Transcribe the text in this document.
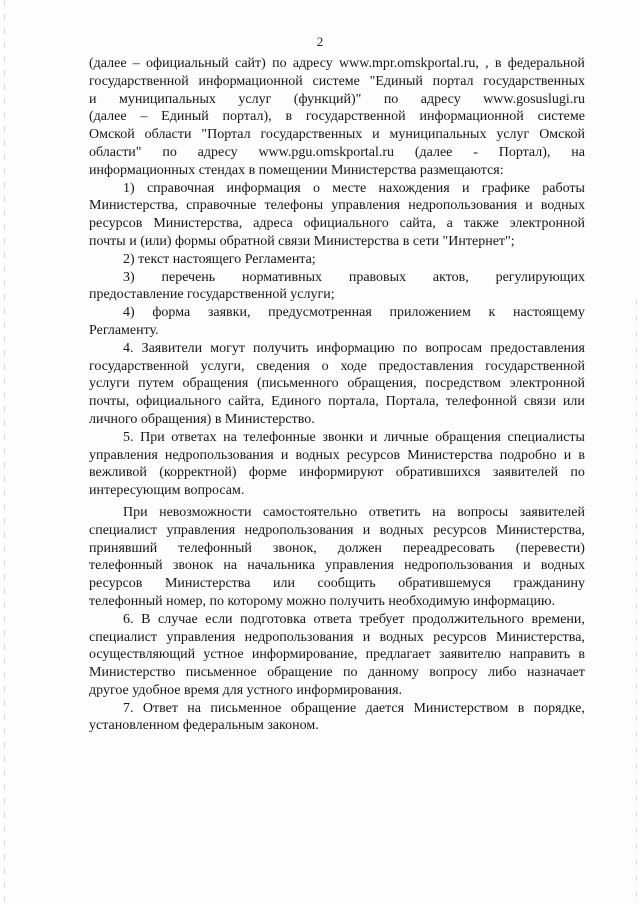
2
(далее – официальный сайт) по адресу www.mpr.omskportal.ru, , в федеральной
государственной информационной системе "Единый портал государственных
и муниципальных услуг (функций)" по адресу www.gosuslugi.ru
(далее – Единый портал), в государственной информационной системе
Омской области "Портал государственных и муниципальных услуг Омской
области" по адресу www.pgu.omskportal.ru (далее - Портал), на
информационных стендах в помещении Министерства размещаются:
1) справочная информация о месте нахождения и графике работы
Министерства, справочные телефоны управления недропользования и водных
ресурсов Министерства, адреса официального сайта, а также электронной
почты и (или) формы обратной связи Министерства в сети "Интернет";
2) текст настоящего Регламента;
3) перечень нормативных правовых актов, регулирующих
предоставление государственной услуги;
4) форма заявки, предусмотренная приложением к настоящему
Регламенту.
4. Заявители могут получить информацию по вопросам предоставления
государственной услуги, сведения о ходе предоставления государственной
услуги путем обращения (письменного обращения, посредством электронной
почты, официального сайта, Единого портала, Портала, телефонной связи или
личного обращения) в Министерство.
5. При ответах на телефонные звонки и личные обращения специалисты
управления недропользования и водных ресурсов Министерства подробно и в
вежливой (корректной) форме информируют обратившихся заявителей по
интересующим вопросам.
При невозможности самостоятельно ответить на вопросы заявителей
специалист управления недропользования и водных ресурсов Министерства,
принявший телефонный звонок, должен переадресовать (перевести)
телефонный звонок на начальника управления недропользования и водных
ресурсов Министерства или сообщить обратившемуся гражданину
телефонный номер, по которому можно получить необходимую информацию.
6. В случае если подготовка ответа требует продолжительного времени,
специалист управления недропользования и водных ресурсов Министерства,
осуществляющий устное информирование, предлагает заявителю направить в
Министерство письменное обращение по данному вопросу либо назначает
другое удобное время для устного информирования.
7. Ответ на письменное обращение дается Министерством в порядке,
установленном федеральным законом.
